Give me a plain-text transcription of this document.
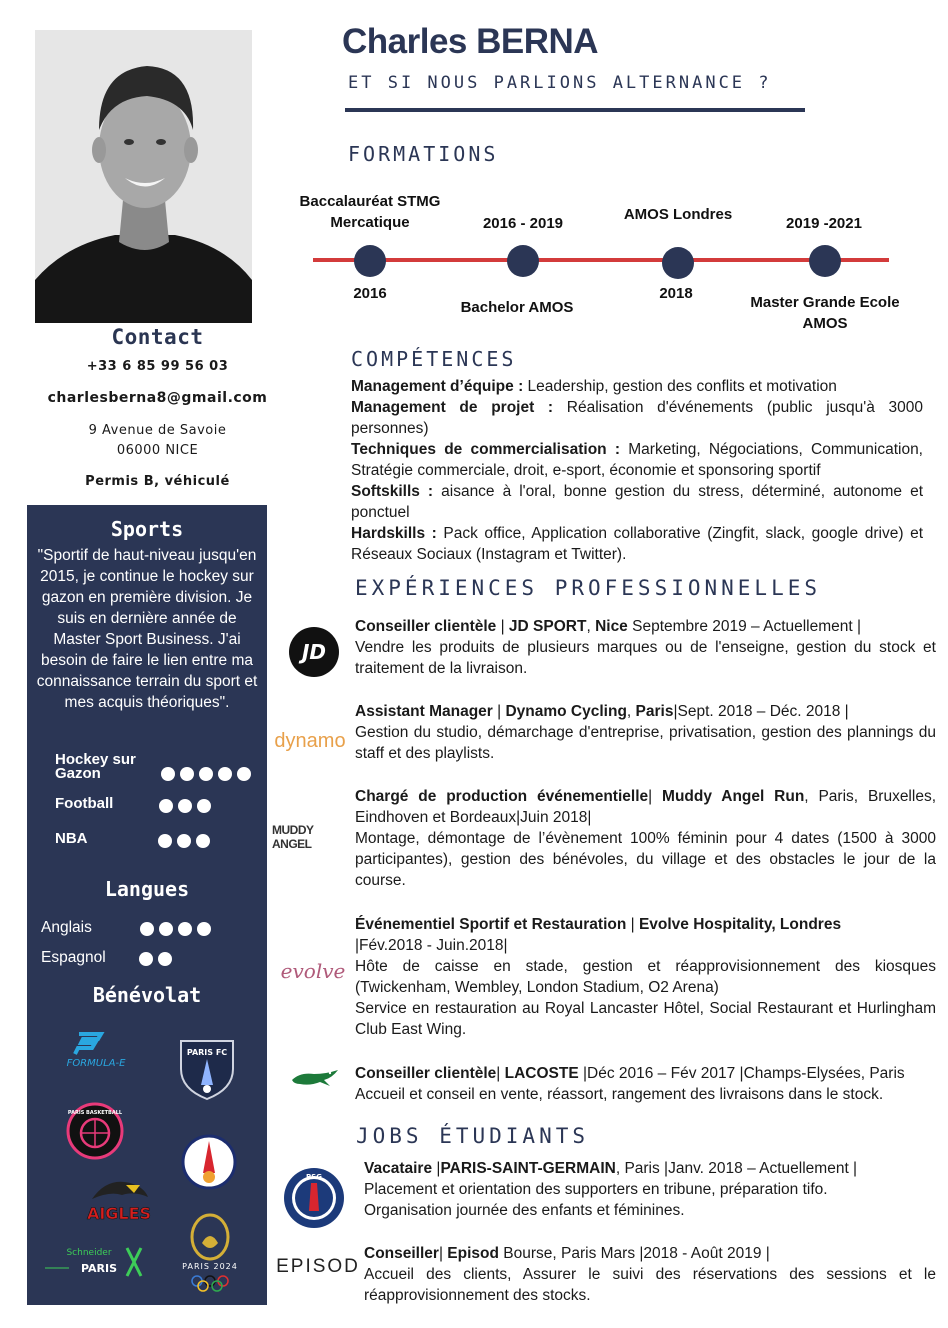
Contact
+33 6 85 99 56 03
charlesberna8@gmail.com
9 Avenue de Savoie
06000 NICE
Permis B, véhiculé
Sports
"Sportif de haut-niveau jusqu'en 2015, je continue le hockey sur gazon en première division. Je suis en dernière année de Master Sport Business. J'ai besoin de faire le lien entre ma connaissance terrain du sport et mes acquis théoriques".
Hockey sur
Gazon
Football
NBA
Langues
Anglais
Espagnol
Bénévolat
FORMULA-E
PARIS FC
PARIS BASKETBALL
AIGLES
Schneider
PARIS	PARIS 2024
Charles BERNA
ET SI NOUS PARLIONS ALTERNANCE ?
FORMATIONS
Baccalauréat STMG
Mercatique	2016 - 2019
AMOS Londres
2019 -2021
2016
Bachelor AMOS
2018
Master Grande Ecole
AMOS
COMPÉTENCES
Management d’équipe : Leadership, gestion des conflits et motivation
Management de projet : Réalisation d'événements (public jusqu'à 3000 personnes)
Techniques de commercialisation : Marketing, Négociations, Communication, Stratégie commerciale, droit, e-sport, économie et sponsoring sportif
Softskills : aisance à l'oral, bonne gestion du stress, déterminé, autonome et ponctuel
Hardskills : Pack office, Application collaborative (Zingfit, slack, google drive) et Réseaux Sociaux (Instagram et Twitter).
EXPÉRIENCES PROFESSIONNELLES
JD
Conseiller clientèle | JD SPORT, Nice Septembre 2019 – Actuellement |
Vendre les produits de plusieurs marques ou de l'enseigne, gestion du stock et traitement de la livraison.
dynamo
Assistant Manager | Dynamo Cycling, Paris|Sept. 2018 – Déc. 2018 |
Gestion du studio, démarchage d'entreprise, privatisation, gestion des plannings du staff et des playlists.
MUDDY ANGEL
Chargé de production événementielle| Muddy Angel Run, Paris, Bruxelles, Eindhoven et Bordeaux|Juin 2018|
Montage, démontage de l’évènement 100% féminin pour 4 dates (1500 à 3000 participantes), gestion des bénévoles, du village et des obstacles le jour de la course.
evolve
Événementiel Sportif et Restauration | Evolve Hospitality, Londres
|Fév.2018 - Juin.2018|
Hôte de caisse en stade, gestion et réapprovisionnement des kiosques (Twickenham, Wembley, London Stadium, O2 Arena)
Service en restauration au Royal Lancaster Hôtel, Social Restaurant et Hurlingham Club East Wing.
Conseiller clientèle| LACOSTE |Déc 2016 – Fév 2017 |Champs-Elysées, Paris
Accueil et conseil en vente, réassort, rangement des livraisons dans le stock.
JOBS ÉTUDIANTS
PSG	Vacataire |PARIS-SAINT-GERMAIN, Paris |Janv. 2018 – Actuellement |
Placement et orientation des supporters en tribune, préparation tifo.
Organisation journée des enfants et féminines.
EPISOD
Conseiller| Episod Bourse, Paris Mars |2018 - Août 2019 |
Accueil des clients, Assurer le suivi des réservations des sessions et le réapprovisionnement des stocks.
